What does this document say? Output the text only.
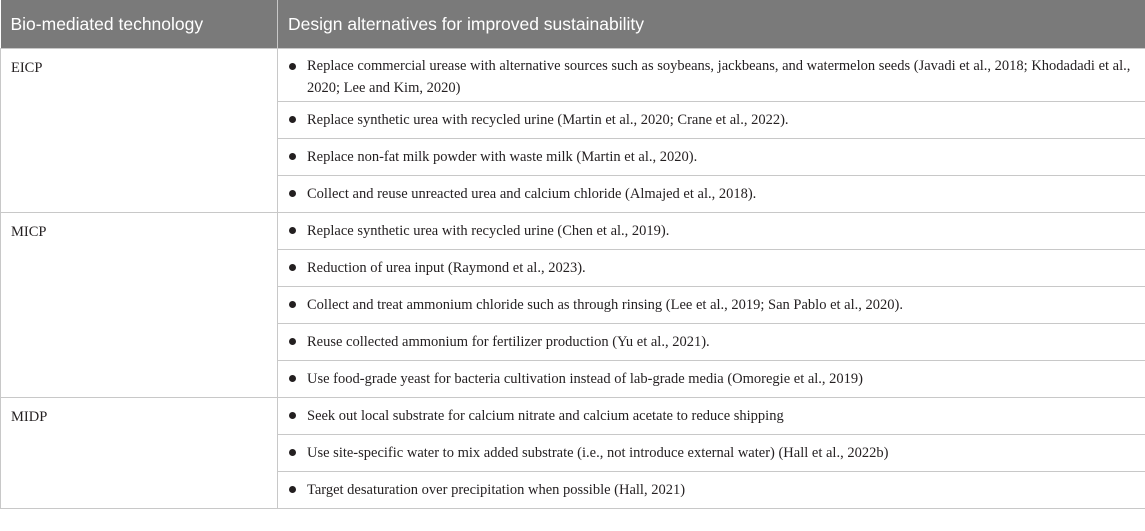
Bio-mediated technology	Design alternatives for improved sustainability
EICP	Replace commercial urease with alternative sources such as soybeans, jackbeans, and watermelon seeds (Javadi et al., 2018; Khodadadi et al., 2020; Lee and Kim, 2020)

	Replace synthetic urea with recycled urine (Martin et al., 2020; Crane et al., 2022).

	Replace non-fat milk powder with waste milk (Martin et al., 2020).

	Collect and reuse unreacted urea and calcium chloride (Almajed et al., 2018).

MICP	Replace synthetic urea with recycled urine (Chen et al., 2019).

	Reduction of urea input (Raymond et al., 2023).

	Collect and treat ammonium chloride such as through rinsing (Lee et al., 2019; San Pablo et al., 2020).

	Reuse collected ammonium for fertilizer production (Yu et al., 2021).

	Use food-grade yeast for bacteria cultivation instead of lab-grade media (Omoregie et al., 2019)

MIDP	Seek out local substrate for calcium nitrate and calcium acetate to reduce shipping

	Use site-specific water to mix added substrate (i.e., not introduce external water) (Hall et al., 2022b)

	Target desaturation over precipitation when possible (Hall, 2021)
